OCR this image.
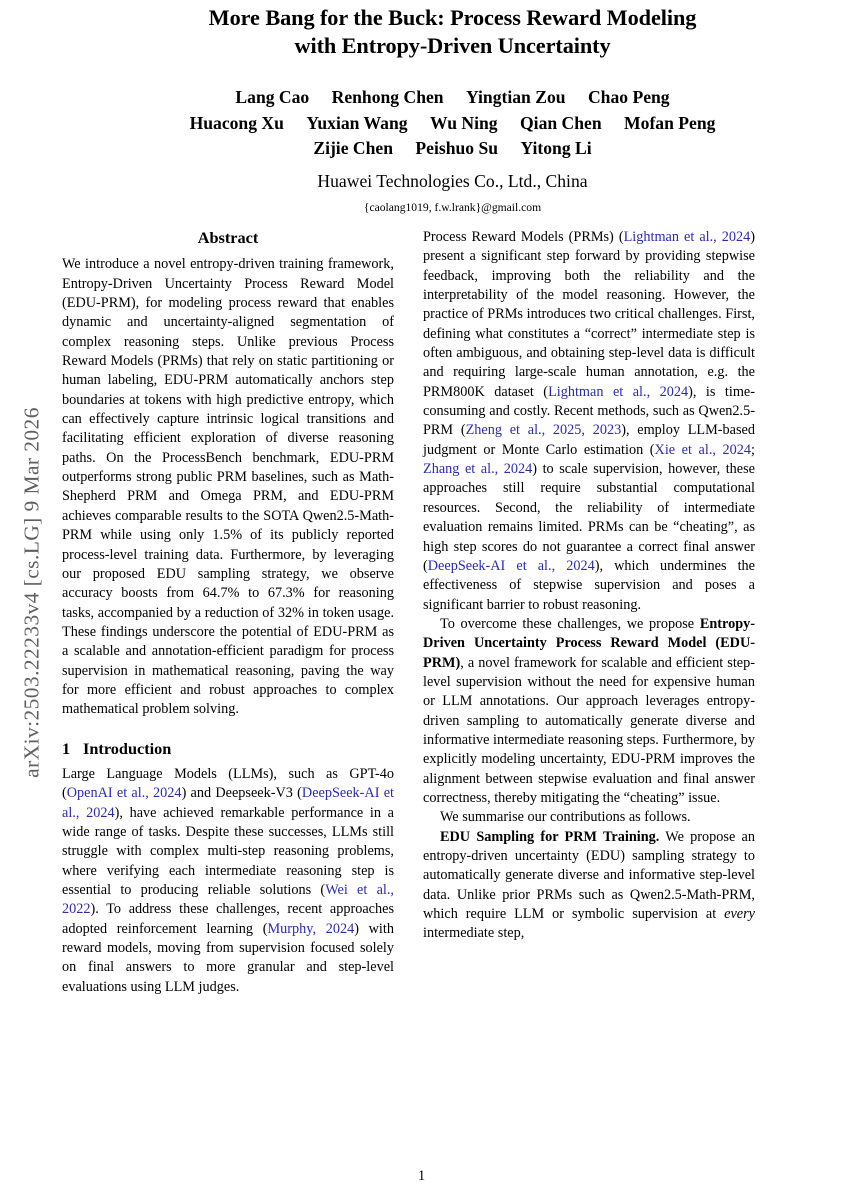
arXiv:2503.22233v4 [cs.LG] 9 Mar 2026
More Bang for the Buck: Process Reward Modeling
with Entropy-Driven Uncertainty
Lang Cao Renhong Chen Yingtian Zou Chao Peng
Huacong Xu Yuxian Wang Wu Ning Qian Chen Mofan Peng
Zijie Chen Peishuo Su Yitong Li
Huawei Technologies Co., Ltd., China
{caolang1019, f.w.lrank}@gmail.com
Abstract

We introduce a novel entropy-driven training framework, Entropy-Driven Uncertainty Process Reward Model (EDU-PRM), for modeling process reward that enables dynamic and uncertainty-aligned segmentation of complex reasoning steps. Unlike previous Process Reward Models (PRMs) that rely on static partitioning or human labeling, EDU-PRM automatically anchors step boundaries at tokens with high predictive entropy, which can effectively capture intrinsic logical transitions and facilitating efficient exploration of diverse reasoning paths. On the ProcessBench benchmark, EDU-PRM outperforms strong public PRM baselines, such as Math-Shepherd PRM and Omega PRM, and EDU-PRM achieves comparable results to the SOTA Qwen2.5-Math-PRM while using only 1.5% of its publicly reported process-level training data. Furthermore, by leveraging our proposed EDU sampling strategy, we observe accuracy boosts from 64.7% to 67.3% for reasoning tasks, accompanied by a reduction of 32% in token usage. These findings underscore the potential of EDU-PRM as a scalable and annotation-efficient paradigm for process supervision in mathematical reasoning, paving the way for more efficient and robust approaches to complex mathematical problem solving.

1 Introduction

Large Language Models (LLMs), such as GPT-4o (OpenAI et al., 2024) and Deepseek-V3 (DeepSeek-AI et al., 2024), have achieved remarkable performance in a wide range of tasks. Despite these successes, LLMs still struggle with complex multi-step reasoning problems, where verifying each intermediate reasoning step is essential to producing reliable solutions (Wei et al., 2022). To address these challenges, recent approaches adopted reinforcement learning (Murphy, 2024) with reward models, moving from supervision focused solely on final answers to more granular and step-level evaluations using LLM judges.

Process Reward Models (PRMs) (Lightman et al., 2024) present a significant step forward by providing stepwise feedback, improving both the reliability and the interpretability of the model reasoning. However, the practice of PRMs introduces two critical challenges. First, defining what constitutes a “correct” intermediate step is often ambiguous, and obtaining step-level data is difficult and requiring large-scale human annotation, e.g. the PRM800K dataset (Lightman et al., 2024), is time-consuming and costly. Recent methods, such as Qwen2.5-PRM (Zheng et al., 2025, 2023), employ LLM-based judgment or Monte Carlo estimation (Xie et al., 2024; Zhang et al., 2024) to scale supervision, however, these approaches still require substantial computational resources. Second, the reliability of intermediate evaluation remains limited. PRMs can be “cheating”, as high step scores do not guarantee a correct final answer (DeepSeek-AI et al., 2024), which undermines the effectiveness of stepwise supervision and poses a significant barrier to robust reasoning.

To overcome these challenges, we propose Entropy-Driven Uncertainty Process Reward Model (EDU-PRM), a novel framework for scalable and efficient step-level supervision without the need for expensive human or LLM annotations. Our approach leverages entropy-driven sampling to automatically generate diverse and informative intermediate reasoning steps. Furthermore, by explicitly modeling uncertainty, EDU-PRM improves the alignment between stepwise evaluation and final answer correctness, thereby mitigating the “cheating” issue.

We summarise our contributions as follows.

EDU Sampling for PRM Training. We propose an entropy-driven uncertainty (EDU) sampling strategy to automatically generate diverse and informative step-level data. Unlike prior PRMs such as Qwen2.5-Math-PRM, which require LLM or symbolic supervision at every intermediate step,

1
